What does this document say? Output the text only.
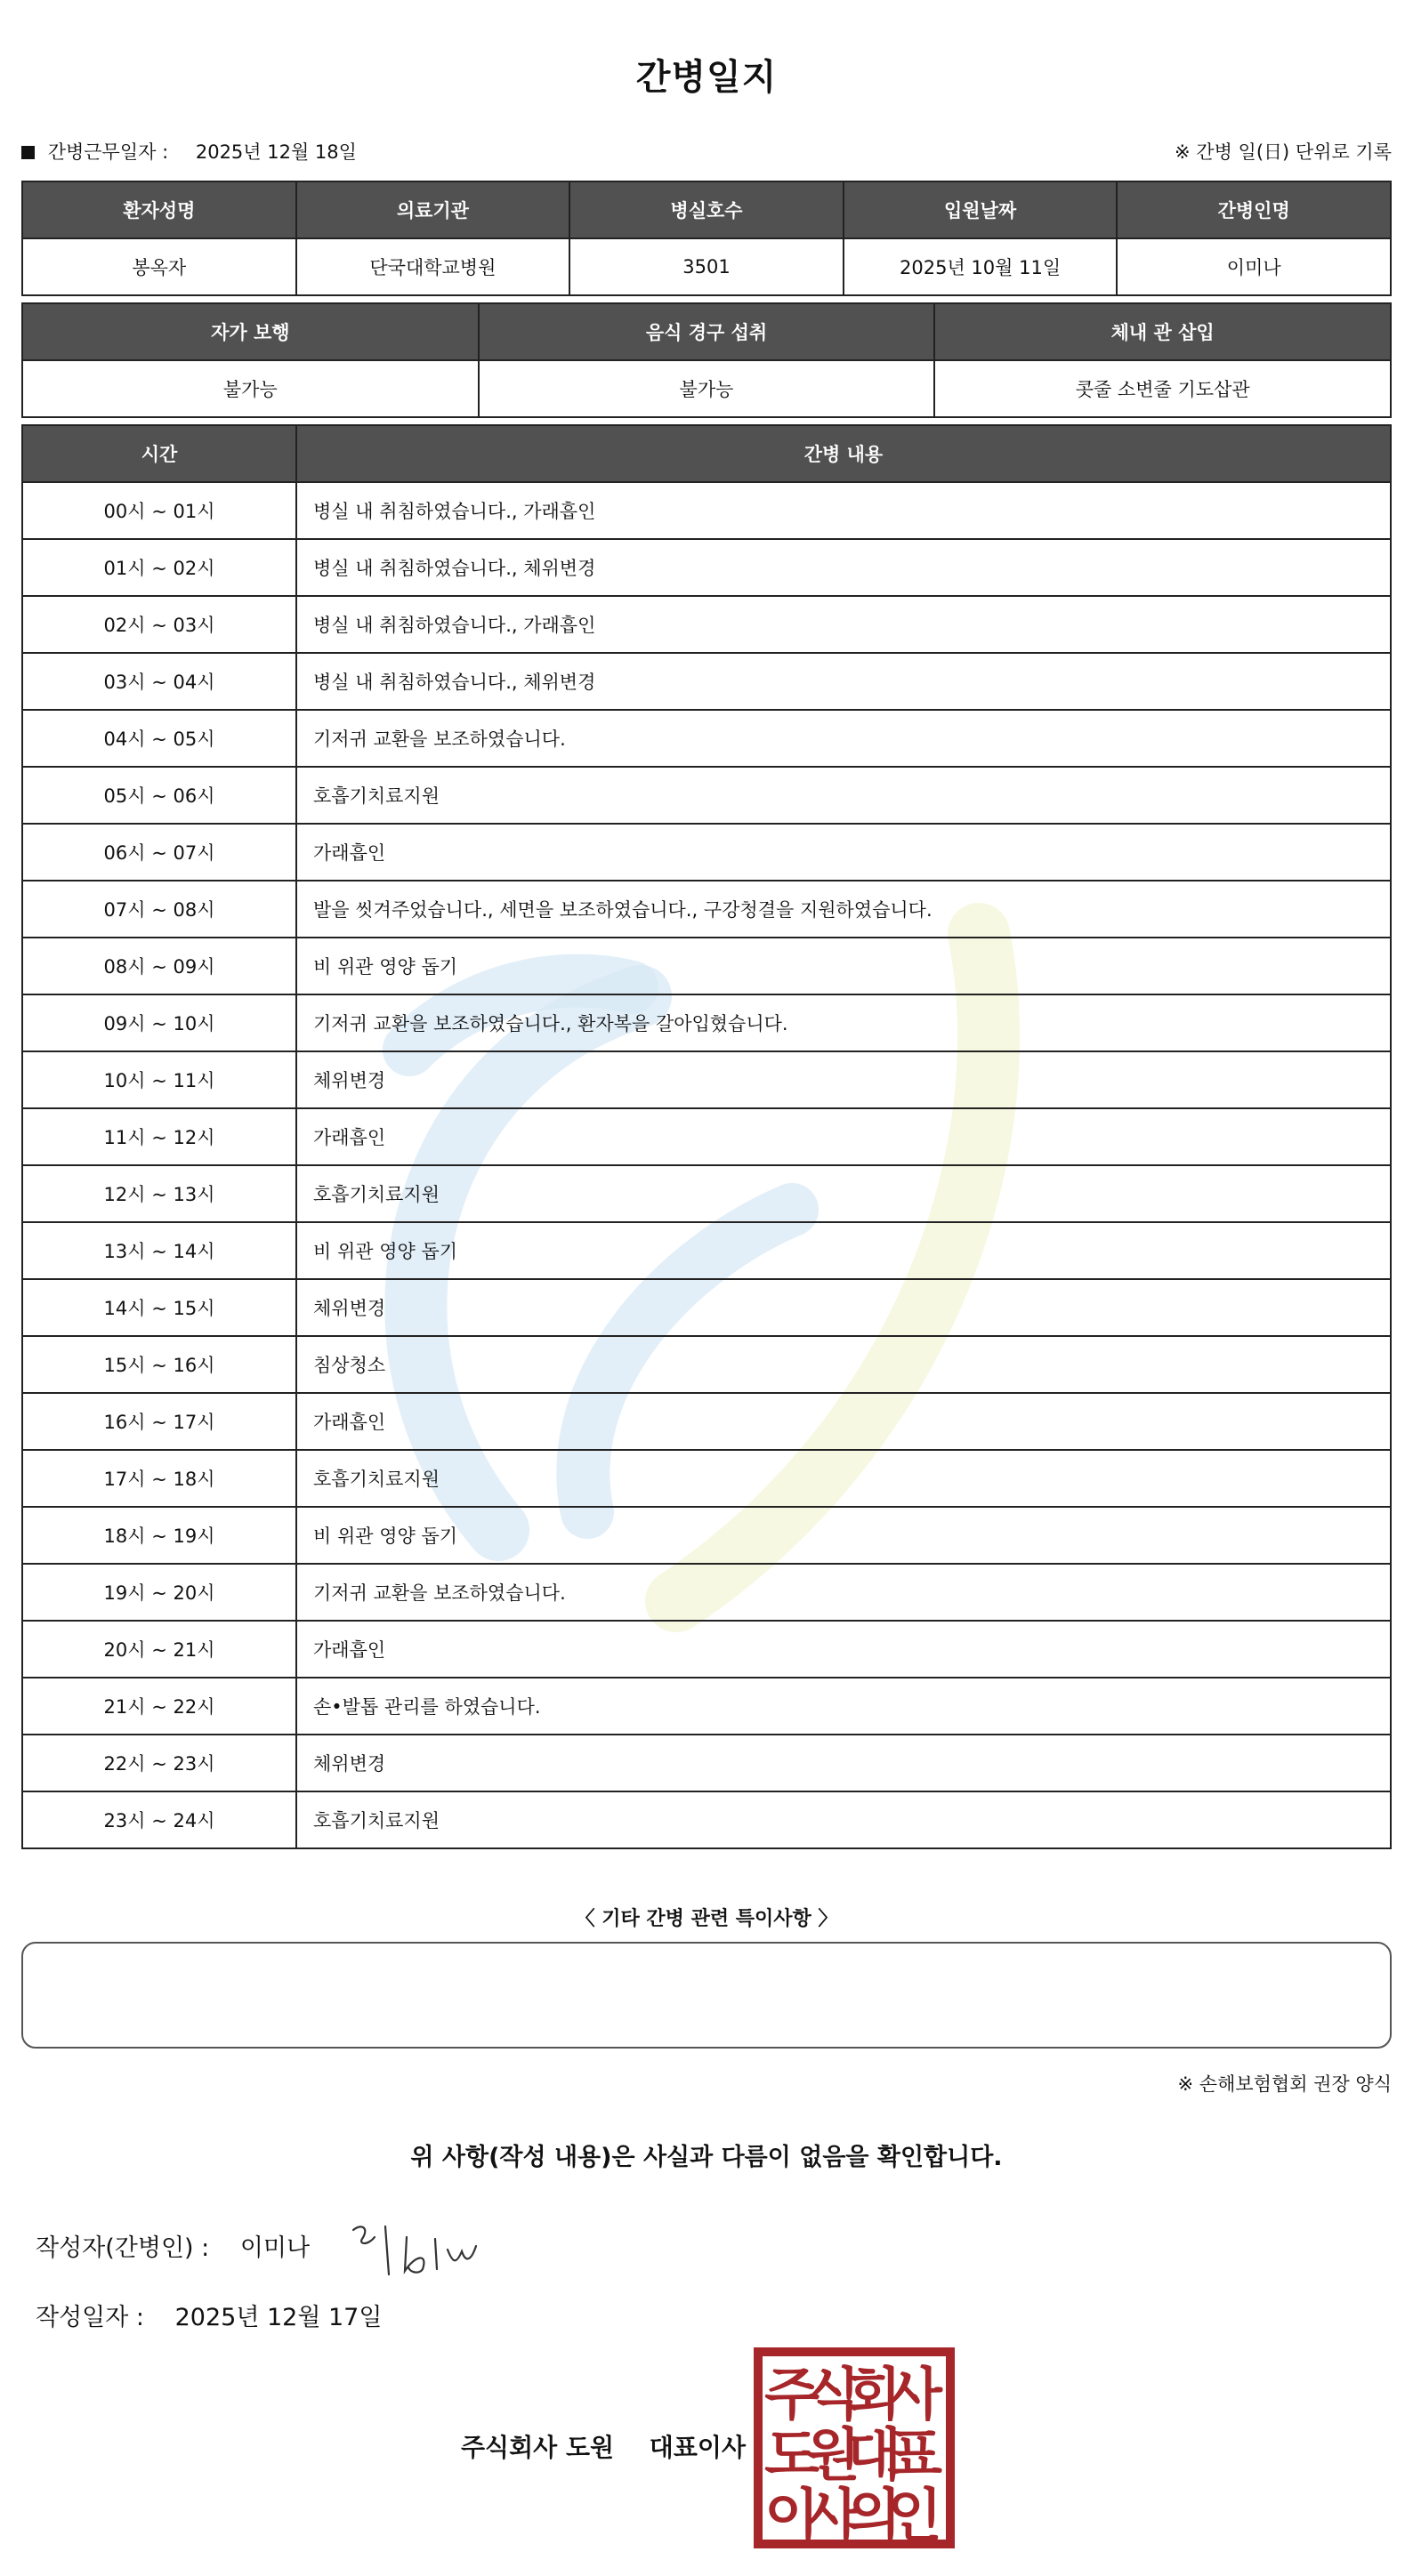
간병일지
간병근무일자 : 2025년 12월 18일	※ 간병 일(日) 단위로 기록
환자성명	의료기관	병실호수	입원날짜	간병인명
봉옥자	단국대학교병원	3501	2025년 10월 11일	이미나
자가 보행	음식 경구 섭취	체내 관 삽입
불가능	불가능	콧줄 소변줄 기도삽관
시간	간병 내용
00시 ~ 01시	병실 내 취침하였습니다., 가래흡인
01시 ~ 02시	병실 내 취침하였습니다., 체위변경
02시 ~ 03시	병실 내 취침하였습니다., 가래흡인
03시 ~ 04시	병실 내 취침하였습니다., 체위변경
04시 ~ 05시	기저귀 교환을 보조하였습니다.
05시 ~ 06시	호흡기치료지원
06시 ~ 07시	가래흡인
07시 ~ 08시	발을 씻겨주었습니다., 세면을 보조하였습니다., 구강청결을 지원하였습니다.
08시 ~ 09시	비 위관 영양 돕기
09시 ~ 10시	기저귀 교환을 보조하였습니다., 환자복을 갈아입혔습니다.
10시 ~ 11시	체위변경
11시 ~ 12시	가래흡인
12시 ~ 13시	호흡기치료지원
13시 ~ 14시	비 위관 영양 돕기
14시 ~ 15시	체위변경
15시 ~ 16시	침상청소
16시 ~ 17시	가래흡인
17시 ~ 18시	호흡기치료지원
18시 ~ 19시	비 위관 영양 돕기
19시 ~ 20시	기저귀 교환을 보조하였습니다.
20시 ~ 21시	가래흡인
21시 ~ 22시	손•발톱 관리를 하였습니다.
22시 ~ 23시	체위변경
23시 ~ 24시	호흡기치료지원
〈 기타 간병 관련 특이사항 〉
※ 손해보험협회 권장 양식
위 사항(작성 내용)은 사실과 다름이 없음을 확인합니다.
작성자(간병인) : 이미나
작성일자 : 2025년 12월 17일
주식회사 도원 대표이사
주
식
회
사
도
원
대
표
이
사
의
인
